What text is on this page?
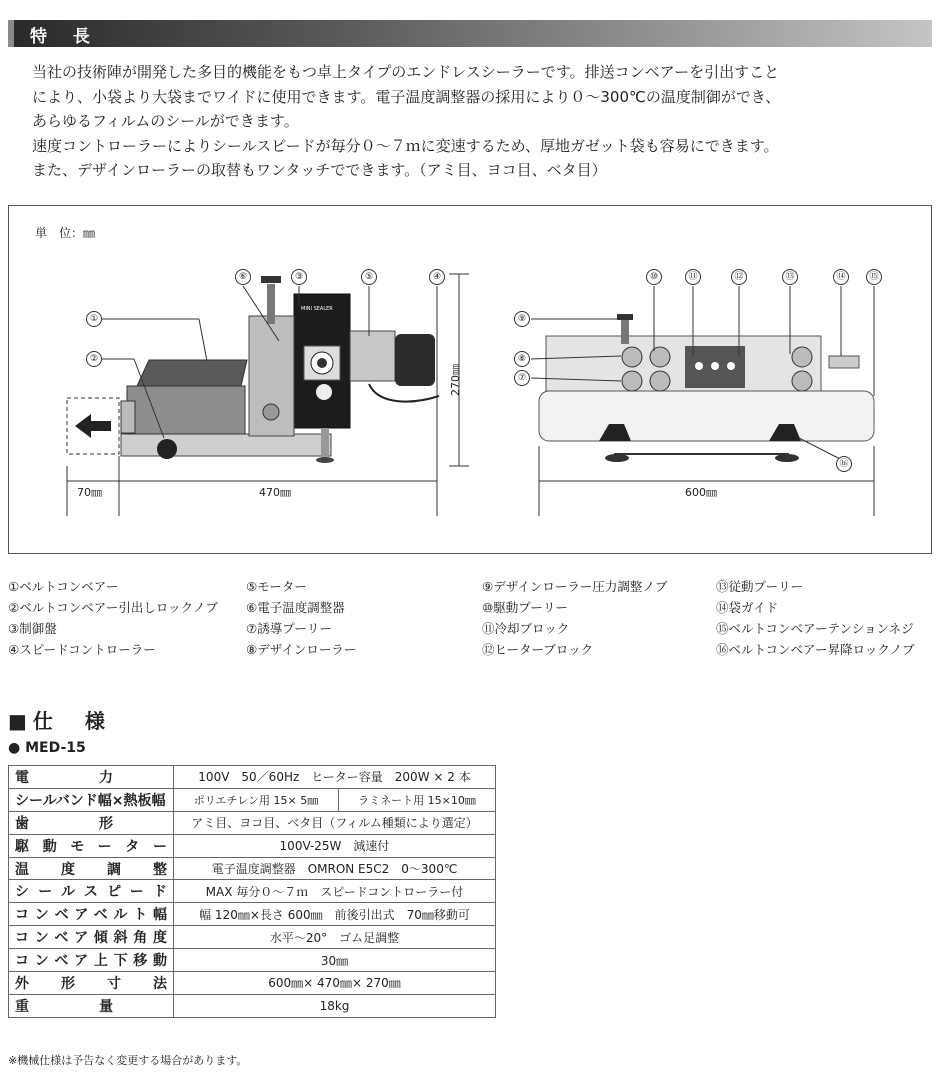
特 長

当社の技術陣が開発した多目的機能をもつ卓上タイプのエンドレスシーラーです。排送コンベアーを引出すこと

により、小袋より大袋までワイドに使用できます。電子温度調整器の採用により０～300℃の温度制御ができ、

あらゆるフィルムのシールができます。

速度コントローラーによりシールスピードが毎分０～７ｍに変速するため、厚地ガゼット袋も容易にできます。

また、デザインローラーの取替もワンタッチでできます。（アミ目、ヨコ目、ベタ目）

単　位：㎜
MINI SEALER
①
②
③	④
⑤
⑥
⑦
⑧
⑨
⑩	⑪	⑫	⑬	⑭	⑮
⑯
70㎜	470㎜
270㎜
600㎜
①ベルトコンベアー
②ベルトコンベアー引出しロックノブ
③制御盤
④スピードコントローラー
⑤モーター
⑥電子温度調整器
⑦誘導プーリー
⑧デザインローラー
⑨デザインローラー圧力調整ノブ
⑩駆動プーリー
⑪冷却ブロック
⑫ヒーターブロック
⑬従動プーリー
⑭袋ガイド
⑮ベルトコンベアーテンションネジ
⑯ベルトコンベアー昇降ロックノブ
■仕　様
● MED-15
電　　　　　力	100V　50／60Hz　ヒーター容量　200W × 2 本	
シールバンド幅×熱板幅	ポリエチレン用 15× 5㎜	ラミネート用 15×10㎜
歯　　　　　形	アミ目、ヨコ目、ベタ目（フィルム種類により選定）	
駆動モーター	100V-25W　減速付	
温度調整	電子温度調整器　OMRON E5C2　0～300℃	
シールスピード	MAX 毎分０～７ｍ　スピードコントローラー付	
コンベアベルト幅	幅 120㎜×長さ 600㎜　前後引出式　70㎜移動可	
コンベア傾斜角度	水平～20°　ゴム足調整	
コンベア上下移動	30㎜	
外形寸法	600㎜× 470㎜× 270㎜	
重　　　　　量	18kg	
※機械仕様は予告なく変更する場合があります。
